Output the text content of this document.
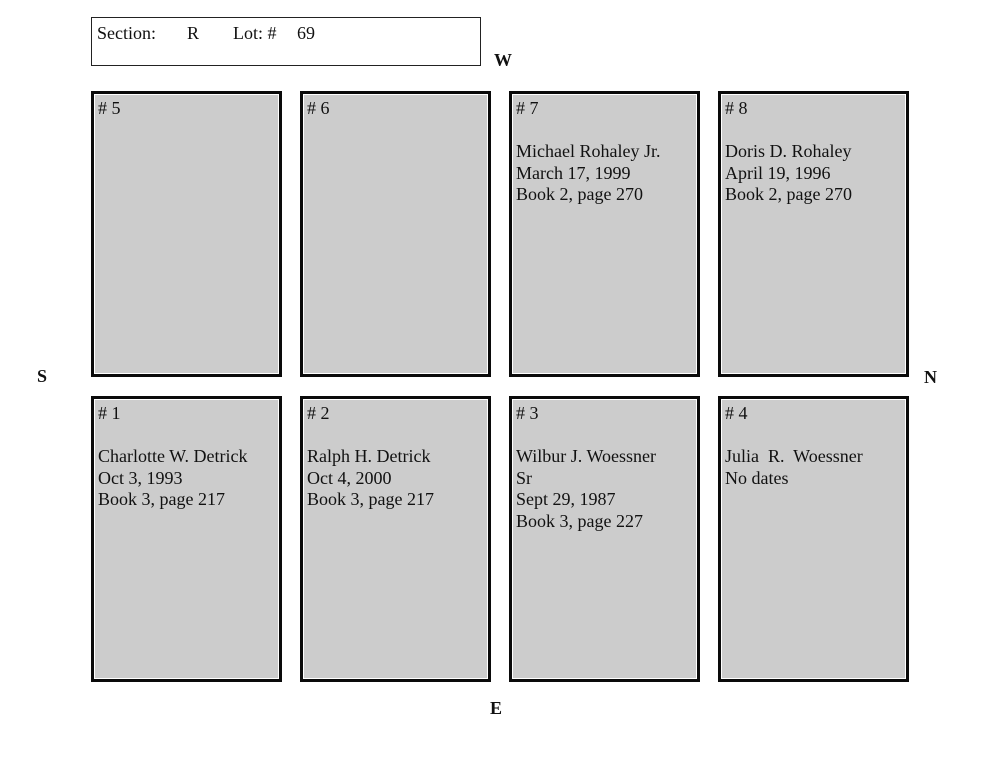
Section: R Lot: # 69
W
E
S	N
# 5	# 6	# 7
Michael Rohaley Jr.
March 17, 1999
Book 2, page 270
# 8
Doris D. Rohaley
April 19, 1996
Book 2, page 270
# 1
Charlotte W. Detrick
Oct 3, 1993
Book 3, page 217
# 2
Ralph H. Detrick
Oct 4, 2000
Book 3, page 217
# 3
Wilbur J. Woessner
Sr
Sept 29, 1987
Book 3, page 227
# 4
Julia  R.  Woessner
No dates
